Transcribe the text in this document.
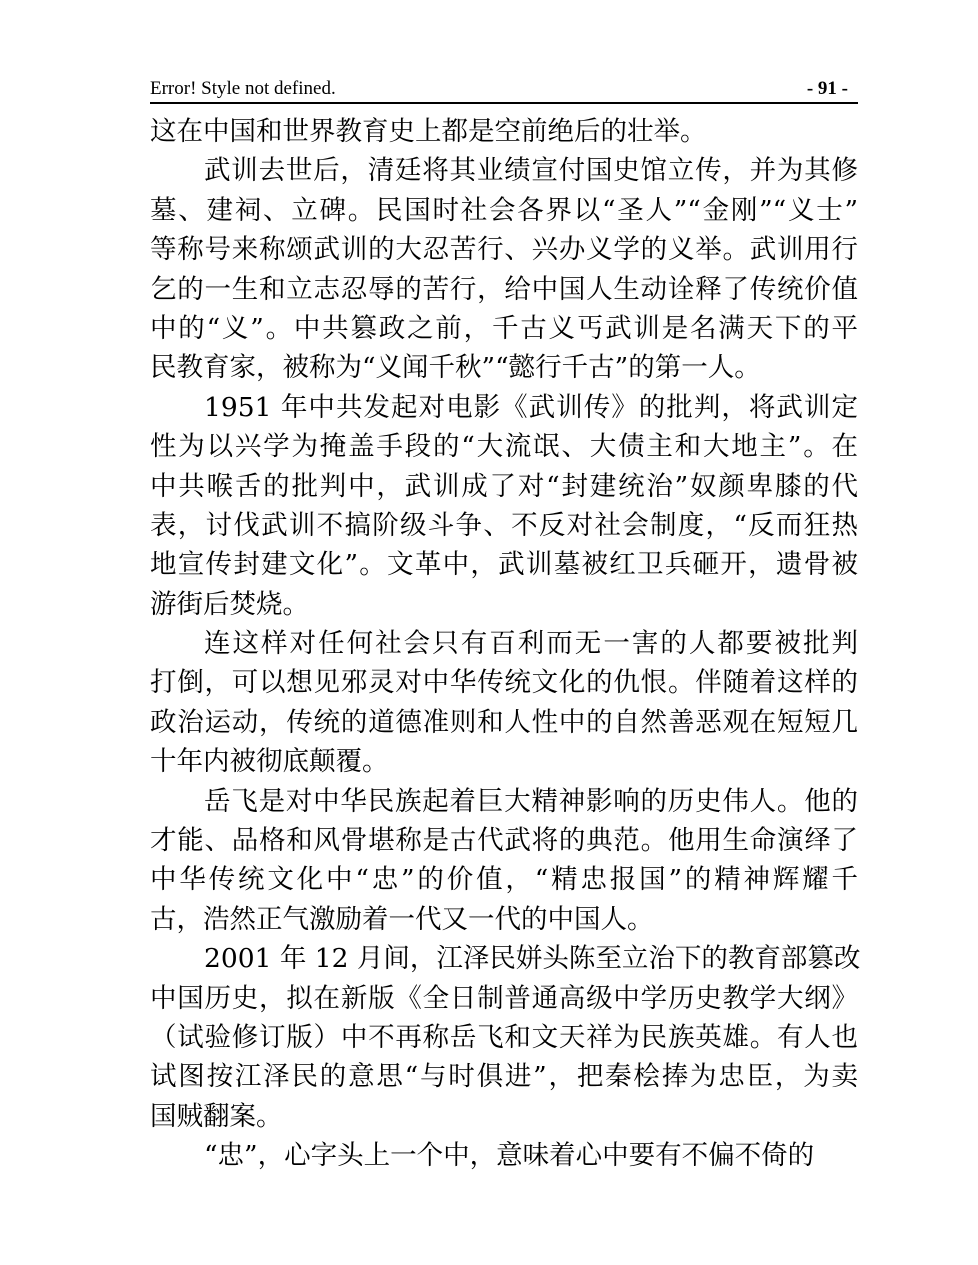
Error! Style not defined.	- 91 -
这在中国和世界教育史上都是空前绝后的壮举。
武训去世后，清廷将其业绩宣付国史馆立传，并为其修
墓、建祠、立碑。民国时社会各界以“圣人”“金刚”“义士”
等称号来称颂武训的大忍苦行、兴办义学的义举。武训用行
乞的一生和立志忍辱的苦行，给中国人生动诠释了传统价值
中的“义”。中共篡政之前，千古义丐武训是名满天下的平
民教育家，被称为“义闻千秋”“懿行千古”的第一人。
1951 年中共发起对电影《武训传》的批判，将武训定
性为以兴学为掩盖手段的“大流氓、大债主和大地主”。在
中共喉舌的批判中，武训成了对“封建统治”奴颜卑膝的代
表，讨伐武训不搞阶级斗争、不反对社会制度，“反而狂热
地宣传封建文化”。文革中，武训墓被红卫兵砸开，遗骨被
游街后焚烧。
连这样对任何社会只有百利而无一害的人都要被批判
打倒，可以想见邪灵对中华传统文化的仇恨。伴随着这样的
政治运动，传统的道德准则和人性中的自然善恶观在短短几
十年内被彻底颠覆。
岳飞是对中华民族起着巨大精神影响的历史伟人。他的
才能、品格和风骨堪称是古代武将的典范。他用生命演绎了
中华传统文化中“忠”的价值，“精忠报国”的精神辉耀千
古，浩然正气激励着一代又一代的中国人。
2001 年 12 月间，江泽民姘头陈至立治下的教育部篡改
中国历史，拟在新版《全日制普通高级中学历史教学大纲》
（试验修订版）中不再称岳飞和文天祥为民族英雄。有人也
试图按江泽民的意思“与时俱进”，把秦桧捧为忠臣，为卖
国贼翻案。
“忠”，心字头上一个中，意味着心中要有不偏不倚的
